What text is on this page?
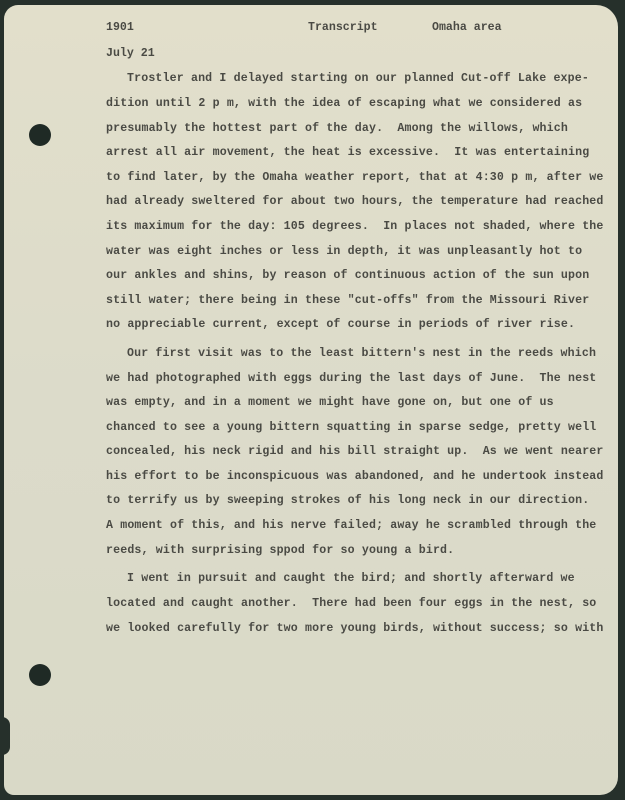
1901	Transcript	Omaha area
July 21
Trostler and I delayed starting on our planned Cut-off Lake expe-
dition until 2 p m, with the idea of escaping what we considered as
presumably the hottest part of the day.  Among the willows, which
arrest all air movement, the heat is excessive.  It was entertaining
to find later, by the Omaha weather report, that at 4:30 p m, after we
had already sweltered for about two hours, the temperature had reached
its maximum for the day: 105 degrees.  In places not shaded, where the
water was eight inches or less in depth, it was unpleasantly hot to
our ankles and shins, by reason of continuous action of the sun upon
still water; there being in these "cut-offs" from the Missouri River
no appreciable current, except of course in periods of river rise.
Our first visit was to the least bittern's nest in the reeds which
we had photographed with eggs during the last days of June.  The nest
was empty, and in a moment we might have gone on, but one of us
chanced to see a young bittern squatting in sparse sedge, pretty well
concealed, his neck rigid and his bill straight up.  As we went nearer
his effort to be inconspicuous was abandoned, and he undertook instead
to terrify us by sweeping strokes of his long neck in our direction.
A moment of this, and his nerve failed; away he scrambled through the
reeds, with surprising sppod for so young a bird.
I went in pursuit and caught the bird; and shortly afterward we
located and caught another.  There had been four eggs in the nest, so
we looked carefully for two more young birds, without success; so with
